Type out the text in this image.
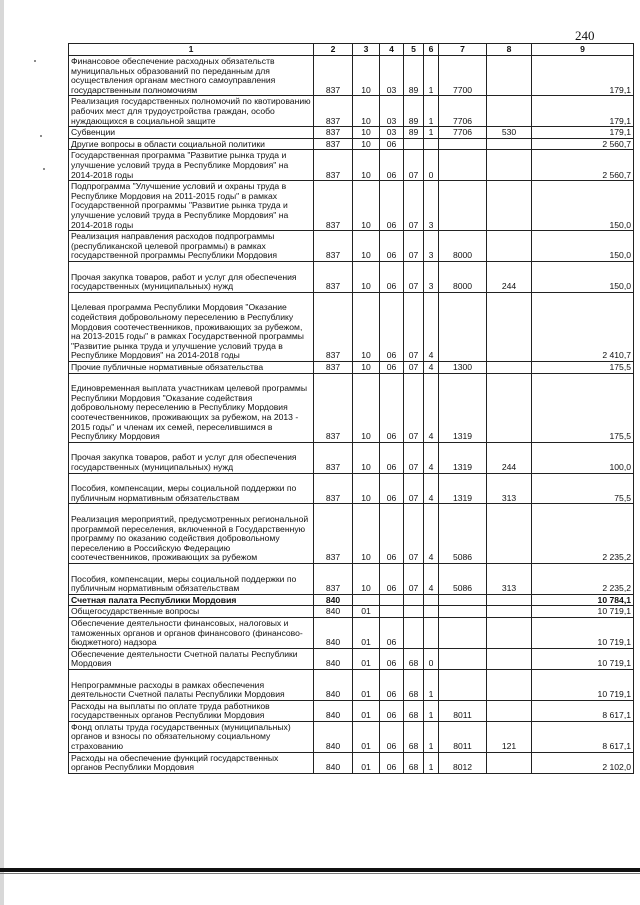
240
1	2	3	4	5	6	7	8	9
Финансовое обеспечение расходных обязательств муниципальных образований по переданным для осуществления органам местного самоуправления государственным полномочиям	837	10	03	89	1	7700		179,1
Реализация государственных полномочий по квотированию рабочих мест для трудоустройства граждан, особо нуждающихся в социальной защите	837	10	03	89	1	7706		179,1
Субвенции	837	10	03	89	1	7706	530	179,1
Другие вопросы в области социальной политики	837	10	06					2 560,7
Государственная программа "Развитие рынка труда и улучшение условий труда в Республике Мордовия" на 2014-2018 годы	837	10	06	07	0			2 560,7
Подпрограмма "Улучшение условий и охраны труда в Республике Мордовия на 2011-2015 годы" в рамках Государственной программы "Развитие рынка труда и улучшение условий труда в Республике Мордовия" на 2014-2018 годы	837	10	06	07	3			150,0
Реализация направления расходов подпрограммы (республиканской целевой программы) в рамках государственной программы Республики Мордовия	837	10	06	07	3	8000		150,0
Прочая закупка товаров, работ и услуг для обеспечения государственных (муниципальных) нужд	837	10	06	07	3	8000	244	150,0
Целевая программа Республики Мордовия "Оказание содействия добровольному переселению в Республику Мордовия соотечественников, проживающих за рубежом, на 2013-2015 годы" в рамках Государственной программы "Развитие рынка труда и улучшение условий труда в Республике Мордовия" на 2014-2018 годы	837	10	06	07	4			2 410,7
Прочие публичные нормативные обязательства	837	10	06	07	4	1300		175,5
Единовременная выплата участникам целевой программы Республики Мордовия "Оказание содействия добровольному переселению в Республику Мордовия соотечественников, проживающих за рубежом, на 2013 - 2015 годы" и членам их семей, переселившимся в Республику Мордовия	837	10	06	07	4	1319		175,5
Прочая закупка товаров, работ и услуг для обеспечения государственных (муниципальных) нужд	837	10	06	07	4	1319	244	100,0
Пособия, компенсации, меры социальной поддержки по публичным нормативным обязательствам	837	10	06	07	4	1319	313	75,5
Реализация мероприятий, предусмотренных региональной программой переселения, включенной в Государственную программу по оказанию содействия добровольному переселению в Российскую Федерацию соотечественников, проживающих за рубежом	837	10	06	07	4	5086		2 235,2
Пособия, компенсации, меры социальной поддержки по публичным нормативным обязательствам	837	10	06	07	4	5086	313	2 235,2
Счетная палата Республики Мордовия	840							10 784,1
Общегосударственные вопросы	840	01						10 719,1
Обеспечение деятельности финансовых, налоговых и таможенных органов и органов финансового (финансово-бюджетного) надзора	840	01	06					10 719,1
Обеспечение деятельности Счетной палаты Республики Мордовия	840	01	06	68	0			10 719,1
Непрограммные расходы в рамках обеспечения деятельности Счетной палаты Республики Мордовия	840	01	06	68	1			10 719,1
Расходы на выплаты по оплате труда работников государственных органов Республики Мордовия	840	01	06	68	1	8011		8 617,1
Фонд оплаты труда государственных (муниципальных) органов и взносы по обязательному социальному страхованию	840	01	06	68	1	8011	121	8 617,1
Расходы на обеспечение функций государственных органов Республики Мордовия	840	01	06	68	1	8012		2 102,0
